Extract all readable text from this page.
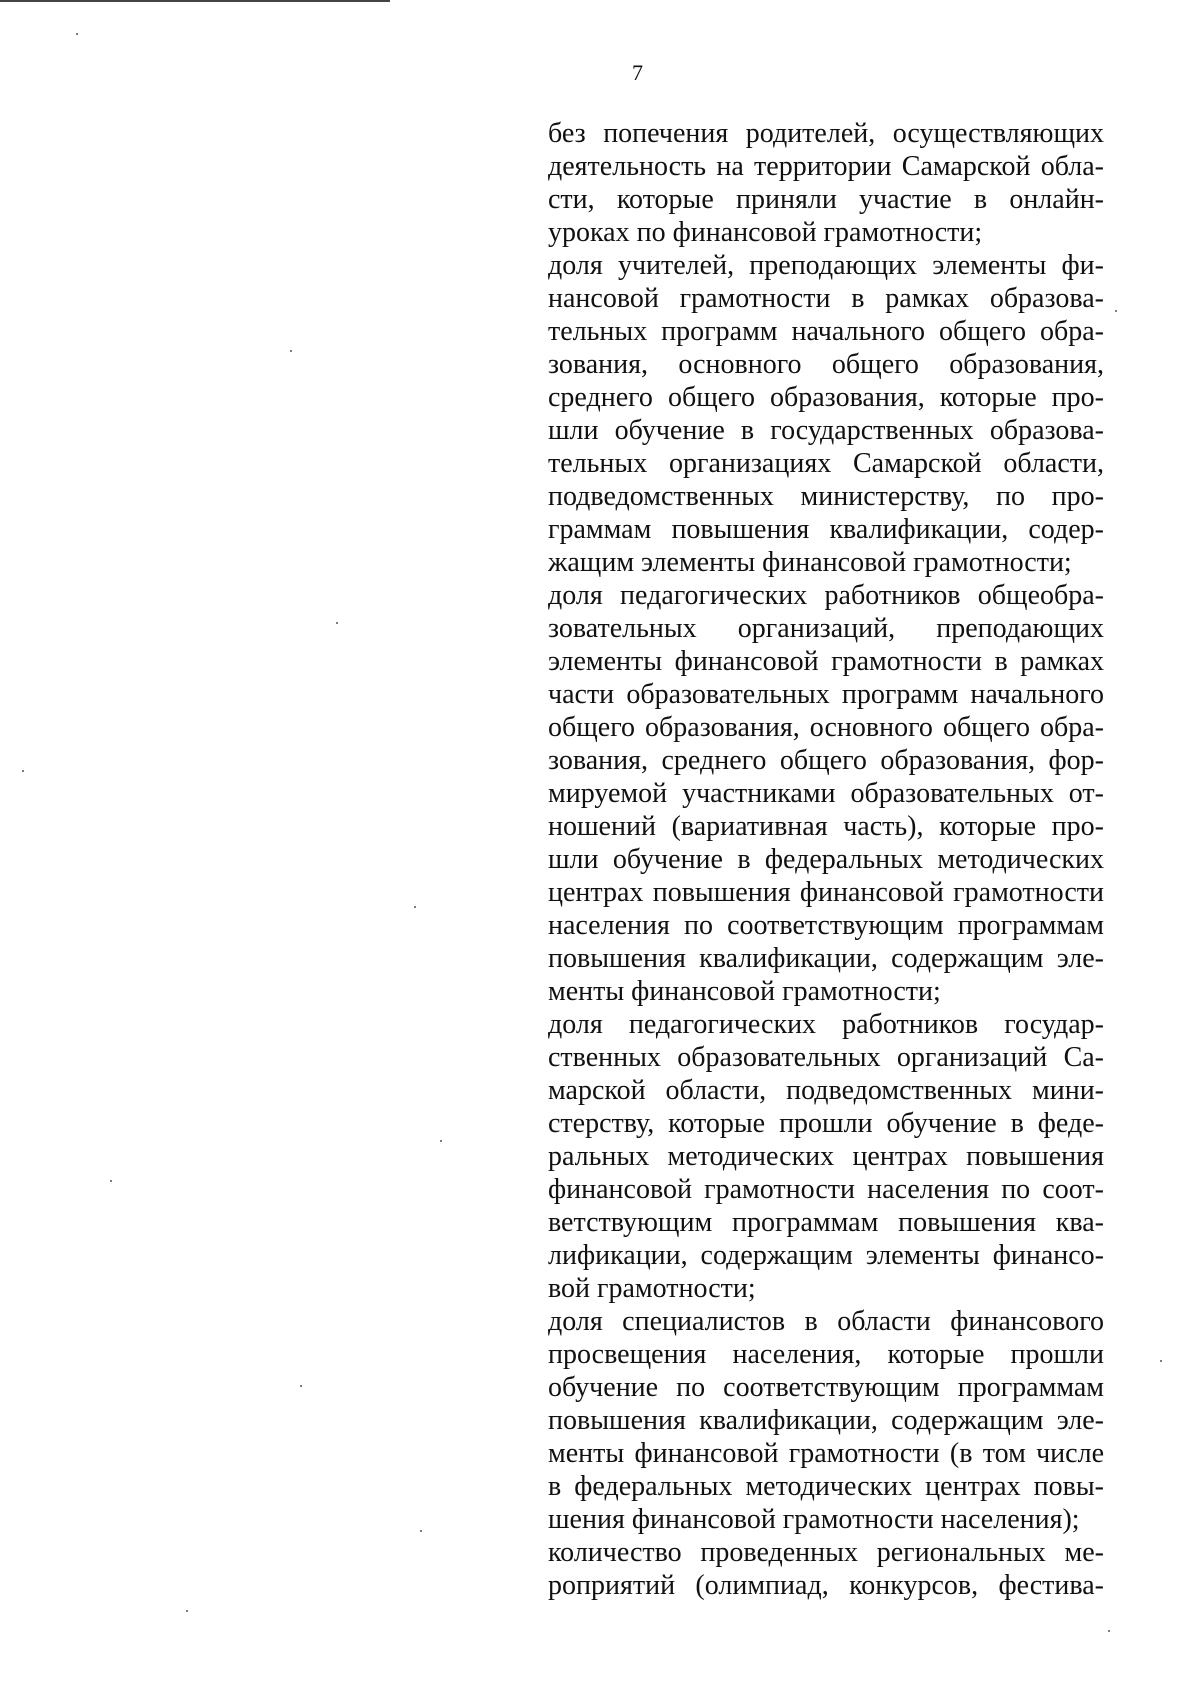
7
без попечения родителей, осуществляющих
деятельность на территории Самарской обла-
сти, которые приняли участие в онлайн-
уроках по финансовой грамотности;
доля учителей, преподающих элементы фи-
нансовой грамотности в рамках образова-
тельных программ начального общего обра-
зования, основного общего образования,
среднего общего образования, которые про-
шли обучение в государственных образова-
тельных организациях Самарской области,
подведомственных министерству, по про-
граммам повышения квалификации, содер-
жащим элементы финансовой грамотности;
доля педагогических работников общеобра-
зовательных организаций, преподающих
элементы финансовой грамотности в рамках
части образовательных программ начального
общего образования, основного общего обра-
зования, среднего общего образования, фор-
мируемой участниками образовательных от-
ношений (вариативная часть), которые про-
шли обучение в федеральных методических
центрах повышения финансовой грамотности
населения по соответствующим программам
повышения квалификации, содержащим эле-
менты финансовой грамотности;
доля педагогических работников государ-
ственных образовательных организаций Са-
марской области, подведомственных мини-
стерству, которые прошли обучение в феде-
ральных методических центрах повышения
финансовой грамотности населения по соот-
ветствующим программам повышения ква-
лификации, содержащим элементы финансо-
вой грамотности;
доля специалистов в области финансового
просвещения населения, которые прошли
обучение по соответствующим программам
повышения квалификации, содержащим эле-
менты финансовой грамотности (в том числе
в федеральных методических центрах повы-
шения финансовой грамотности населения);
количество проведенных региональных ме-
роприятий (олимпиад, конкурсов, фестива-
